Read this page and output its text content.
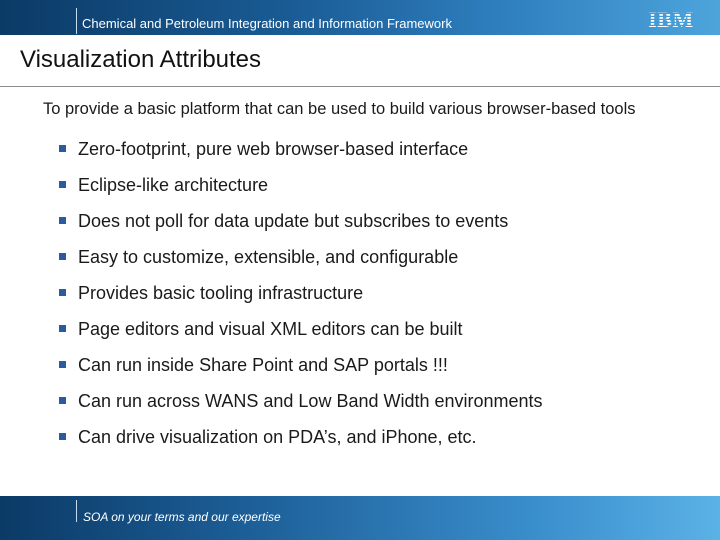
Chemical and Petroleum Integration and Information Framework	IBM
Visualization Attributes
To provide a basic platform that can be used to build various browser-based tools
Zero-footprint, pure web browser-based interface
Eclipse-like architecture
Does not poll for data update but subscribes to events
Easy to customize, extensible, and configurable
Provides basic tooling infrastructure
Page editors and visual XML editors can be built
Can run inside Share Point and SAP portals !!!
Can run across WANS and Low Band Width environments
Can drive visualization on PDA’s, and iPhone, etc.
SOA on your terms and our expertise
